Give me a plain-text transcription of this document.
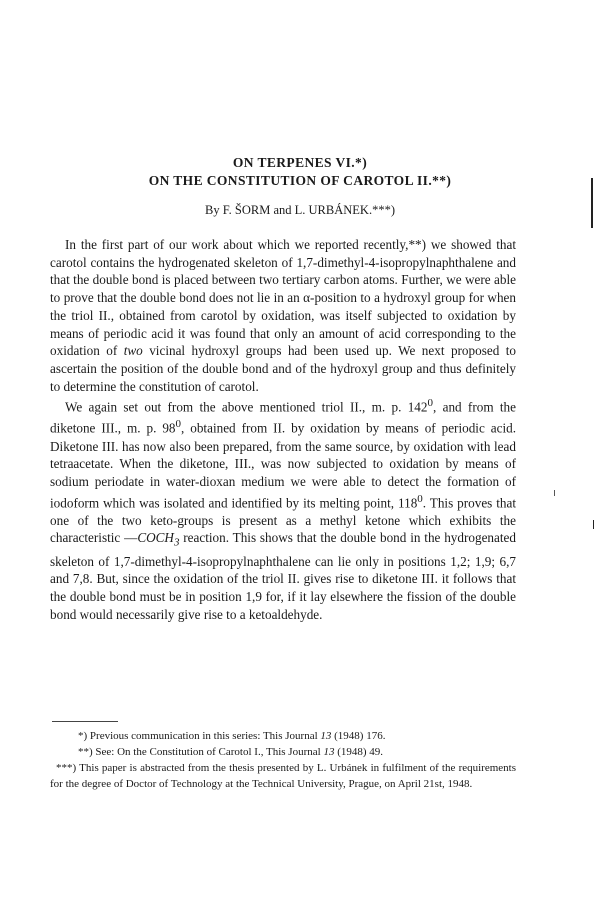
ON TERPENES VI.*)
ON THE CONSTITUTION OF CAROTOL II.**)

By F. ŠORM and L. URBÁNEK.***)

In the first part of our work about which we reported recently,**) we showed that carotol contains the hydrogenated skeleton of 1,7-dimethyl-4-isopropylnaphthalene and that the double bond is placed between two tertiary carbon atoms. Further, we were able to prove that the double bond does not lie in an α-position to a hydroxyl group for when the triol II., obtained from carotol by oxidation, was itself subjected to oxidation by means of periodic acid it was found that only an amount of acid corresponding to the oxidation of two vicinal hydroxyl groups had been used up. We next proposed to ascertain the position of the double bond and of the hydroxyl group and thus definitely to determine the constitution of carotol.

We again set out from the above mentioned triol II., m. p. $142^0$, and from the diketone III., m. p. $98^0$, obtained from II. by oxidation by means of periodic acid. Diketone III. has now also been prepared, from the same source, by oxidation with lead tetraacetate. When the diketone, III., was now subjected to oxidation by means of sodium periodate in water-dioxan medium we were able to detect the formation of iodoform which was isolated and identified by its melting point, $118^0$. This proves that one of the two keto-groups is present as a methyl ketone which exhibits the characteristic $—COCH_3$ reaction. This shows that the double bond in the hydrogenated skeleton of 1,7-dimethyl-4-isopropylnaphthalene can lie only in positions 1,2; 1,9; 6,7 and 7,8. But, since the oxidation of the triol II. gives rise to diketone III. it follows that the double bond must be in position 1,9 for, if it lay elsewhere the fission of the double bond would necessarily give rise to a ketoaldehyde.

*) Previous communication in this series: This Journal 13 (1948) 176.

**) See: On the Constitution of Carotol I., This Journal 13 (1948) 49.

***) This paper is abstracted from the thesis presented by L. Urbánek in fulfilment of the requirements for the degree of Doctor of Technology at the Technical University, Prague, on April 21st, 1948.
